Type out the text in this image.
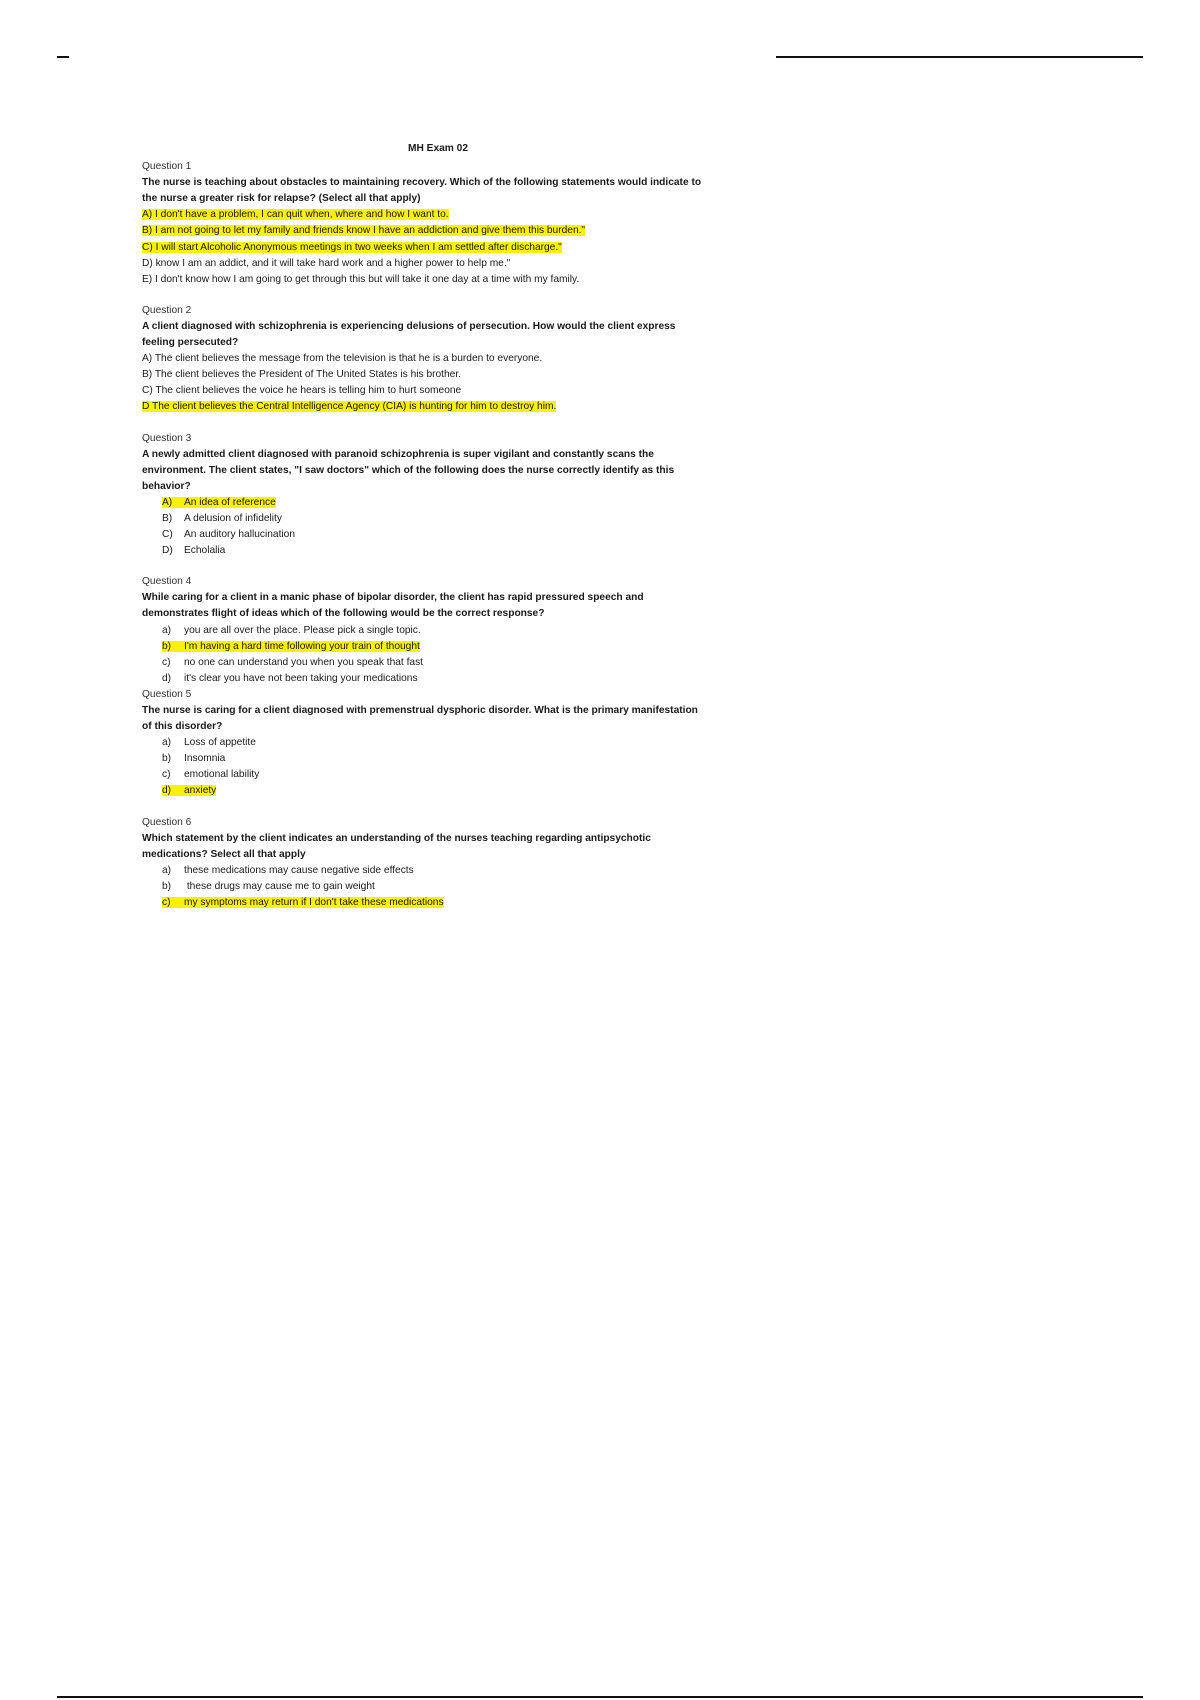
MH Exam 02
Question 1
The nurse is teaching about obstacles to maintaining recovery. Which of the following statements would indicate to the nurse a greater risk for relapse? (Select all that apply)
A) I don't have a problem, I can quit when, where and how I want to.
B) I am not going to let my family and friends know I have an addiction and give them this burden."
C) I will start Alcoholic Anonymous meetings in two weeks when I am settled after discharge."
D) know I am an addict, and it will take hard work and a higher power to help me."
E) I don't know how I am going to get through this but will take it one day at a time with my family.
Question 2
A client diagnosed with schizophrenia is experiencing delusions of persecution. How would the client express feeling persecuted?
A) The client believes the message from the television is that he is a burden to everyone.
B) The client believes the President of The United States is his brother.
C) The client believes the voice he hears is telling him to hurt someone
D The client believes the Central Intelligence Agency (CIA) is hunting for him to destroy him.
Question 3
A newly admitted client diagnosed with paranoid schizophrenia is super vigilant and constantly scans the environment. The client states, "I saw doctors" which of the following does the nurse correctly identify as this behavior?
A) An idea of reference
B) A delusion of infidelity
C) An auditory hallucination
D) Echolalia
Question 4
While caring for a client in a manic phase of bipolar disorder, the client has rapid pressured speech and demonstrates flight of ideas which of the following would be the correct response?
a) you are all over the place. Please pick a single topic.
b) I'm having a hard time following your train of thought
c) no one can understand you when you speak that fast
d) it's clear you have not been taking your medications
Question 5
The nurse is caring for a client diagnosed with premenstrual dysphoric disorder. What is the primary manifestation of this disorder?
a) Loss of appetite
b) Insomnia
c) emotional lability
d) anxiety
Question 6
Which statement by the client indicates an understanding of the nurses teaching regarding antipsychotic medications? Select all that apply
a) these medications may cause negative side effects
b) these drugs may cause me to gain weight
c) my symptoms may return if I don't take these medications
